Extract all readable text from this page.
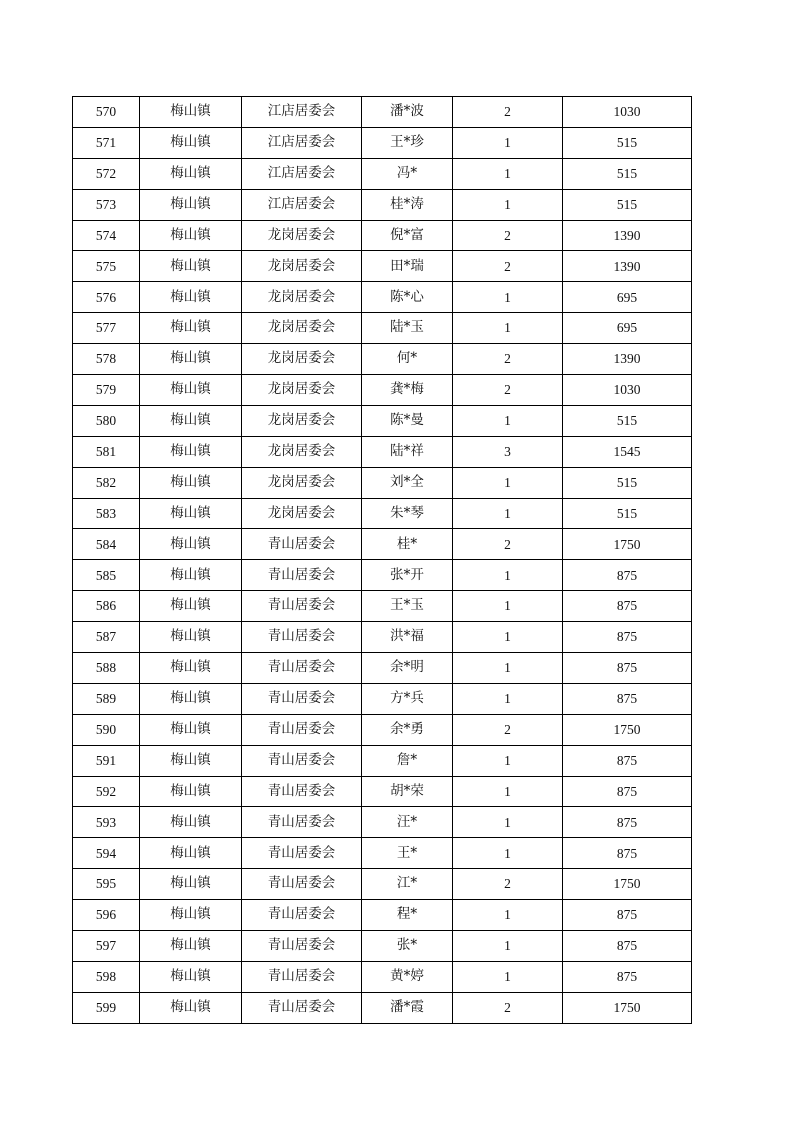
570	梅山镇	江店居委会	潘*波	2	1030
571	梅山镇	江店居委会	王*珍	1	515
572	梅山镇	江店居委会	冯*	1	515
573	梅山镇	江店居委会	桂*涛	1	515
574	梅山镇	龙岗居委会	倪*富	2	1390
575	梅山镇	龙岗居委会	田*瑞	2	1390
576	梅山镇	龙岗居委会	陈*心	1	695
577	梅山镇	龙岗居委会	陆*玉	1	695
578	梅山镇	龙岗居委会	何*	2	1390
579	梅山镇	龙岗居委会	龚*梅	2	1030
580	梅山镇	龙岗居委会	陈*曼	1	515
581	梅山镇	龙岗居委会	陆*祥	3	1545
582	梅山镇	龙岗居委会	刘*全	1	515
583	梅山镇	龙岗居委会	朱*琴	1	515
584	梅山镇	青山居委会	桂*	2	1750
585	梅山镇	青山居委会	张*开	1	875
586	梅山镇	青山居委会	王*玉	1	875
587	梅山镇	青山居委会	洪*福	1	875
588	梅山镇	青山居委会	余*明	1	875
589	梅山镇	青山居委会	方*兵	1	875
590	梅山镇	青山居委会	余*勇	2	1750
591	梅山镇	青山居委会	詹*	1	875
592	梅山镇	青山居委会	胡*荣	1	875
593	梅山镇	青山居委会	汪*	1	875
594	梅山镇	青山居委会	王*	1	875
595	梅山镇	青山居委会	江*	2	1750
596	梅山镇	青山居委会	程*	1	875
597	梅山镇	青山居委会	张*	1	875
598	梅山镇	青山居委会	黄*婷	1	875
599	梅山镇	青山居委会	潘*霞	2	1750
